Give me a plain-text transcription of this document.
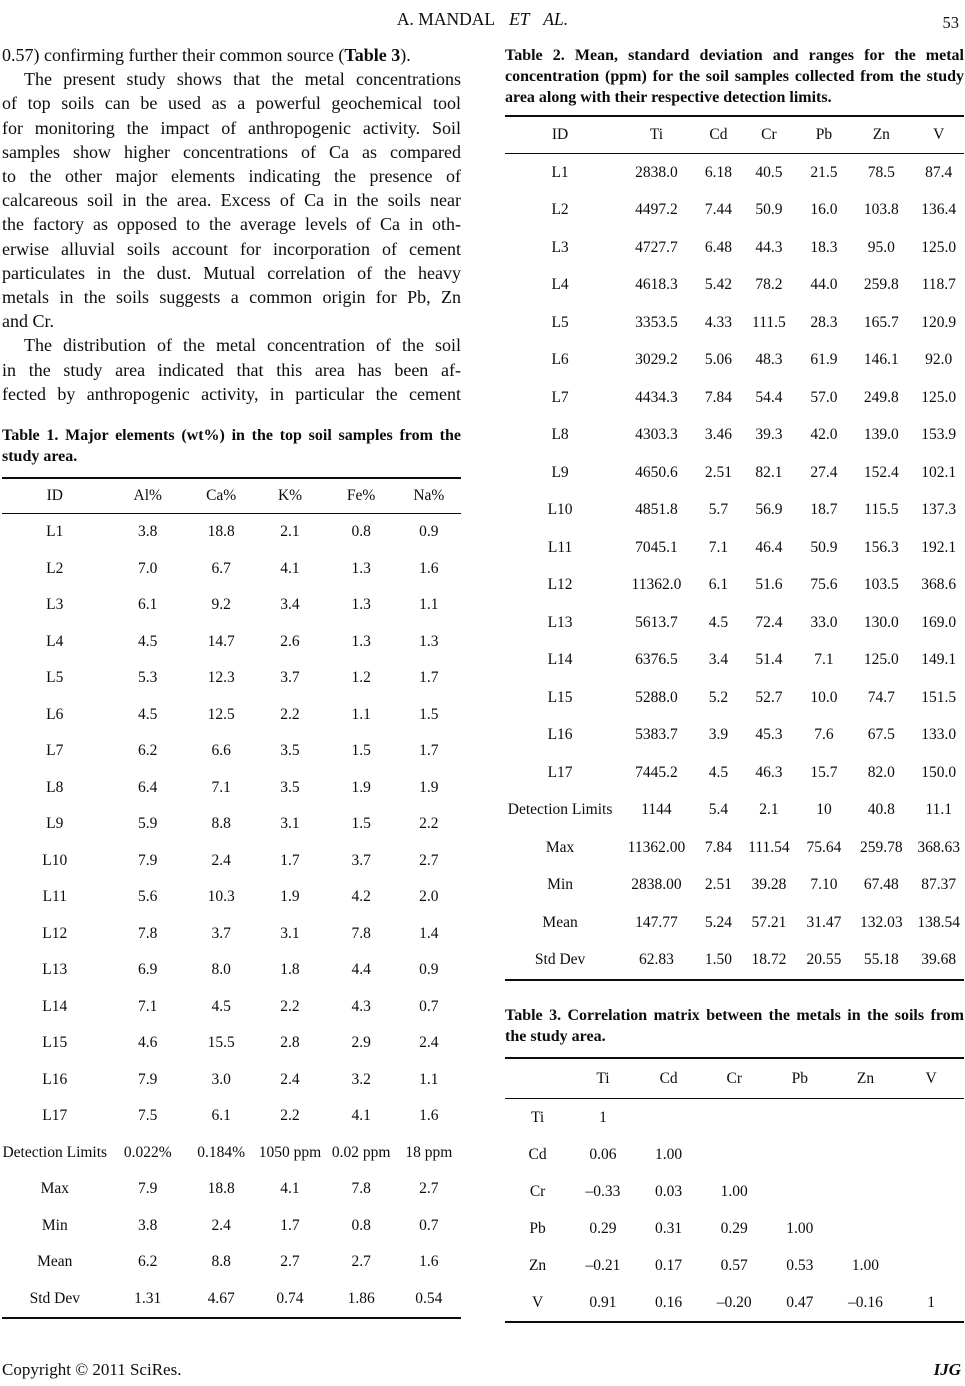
A. MANDAL ET AL.	53
0.57) confirming further their common source (Table 3).
The present study shows that the metal concentrations
of top soils can be used as a powerful geochemical tool
for monitoring the impact of anthropogenic activity. Soil
samples show higher concentrations of Ca as compared
to the other major elements indicating the presence of
calcareous soil in the area. Excess of Ca in the soils near
the factory as opposed to the average levels of Ca in oth-
erwise alluvial soils account for incorporation of cement
particulates in the dust. Mutual correlation of the heavy
metals in the soils suggests a common origin for Pb, Zn
and Cr.
The distribution of the metal concentration of the soil
in the study area indicated that this area has been af-
fected by anthropogenic activity, in particular the cement

Table 1. Major elements (wt%) in the top soil samples from the study area.

ID	Al%	Ca%	K%	Fe%	Na%
L1	3.8	18.8	2.1	0.8	0.9
L2	7.0	6.7	4.1	1.3	1.6
L3	6.1	9.2	3.4	1.3	1.1
L4	4.5	14.7	2.6	1.3	1.3
L5	5.3	12.3	3.7	1.2	1.7
L6	4.5	12.5	2.2	1.1	1.5
L7	6.2	6.6	3.5	1.5	1.7
L8	6.4	7.1	3.5	1.9	1.9
L9	5.9	8.8	3.1	1.5	2.2
L10	7.9	2.4	1.7	3.7	2.7
L11	5.6	10.3	1.9	4.2	2.0
L12	7.8	3.7	3.1	7.8	1.4
L13	6.9	8.0	1.8	4.4	0.9
L14	7.1	4.5	2.2	4.3	0.7
L15	4.6	15.5	2.8	2.9	2.4
L16	7.9	3.0	2.4	3.2	1.1
L17	7.5	6.1	2.2	4.1	1.6
Detection Limits	0.022%	0.184%	1050 ppm	0.02 ppm	18 ppm
Max	7.9	18.8	4.1	7.8	2.7
Min	3.8	2.4	1.7	0.8	0.7
Mean	6.2	8.8	2.7	2.7	1.6
Std Dev	1.31	4.67	0.74	1.86	0.54

Table 2. Mean, standard deviation and ranges for the metal concentration (ppm) for the soil samples collected from the study area along with their respective detection limits.

ID	Ti	Cd	Cr	Pb	Zn	V
L1	2838.0	6.18	40.5	21.5	78.5	87.4
L2	4497.2	7.44	50.9	16.0	103.8	136.4
L3	4727.7	6.48	44.3	18.3	95.0	125.0
L4	4618.3	5.42	78.2	44.0	259.8	118.7
L5	3353.5	4.33	111.5	28.3	165.7	120.9
L6	3029.2	5.06	48.3	61.9	146.1	92.0
L7	4434.3	7.84	54.4	57.0	249.8	125.0
L8	4303.3	3.46	39.3	42.0	139.0	153.9
L9	4650.6	2.51	82.1	27.4	152.4	102.1
L10	4851.8	5.7	56.9	18.7	115.5	137.3
L11	7045.1	7.1	46.4	50.9	156.3	192.1
L12	11362.0	6.1	51.6	75.6	103.5	368.6
L13	5613.7	4.5	72.4	33.0	130.0	169.0
L14	6376.5	3.4	51.4	7.1	125.0	149.1
L15	5288.0	5.2	52.7	10.0	74.7	151.5
L16	5383.7	3.9	45.3	7.6	67.5	133.0
L17	7445.2	4.5	46.3	15.7	82.0	150.0
Detection Limits	1144	5.4	2.1	10	40.8	11.1
Max	11362.00	7.84	111.54	75.64	259.78	368.63
Min	2838.00	2.51	39.28	7.10	67.48	87.37
Mean	147.77	5.24	57.21	31.47	132.03	138.54
Std Dev	62.83	1.50	18.72	20.55	55.18	39.68

Table 3. Correlation matrix between the metals in the soils from the study area.

	Ti	Cd	Cr	Pb	Zn	V
Ti	1					
Cd	0.06	1.00				
Cr	–0.33	0.03	1.00			
Pb	0.29	0.31	0.29	1.00		
Zn	–0.21	0.17	0.57	0.53	1.00	
V	0.91	0.16	–0.20	0.47	–0.16	1
Copyright © 2011 SciRes.	IJG
